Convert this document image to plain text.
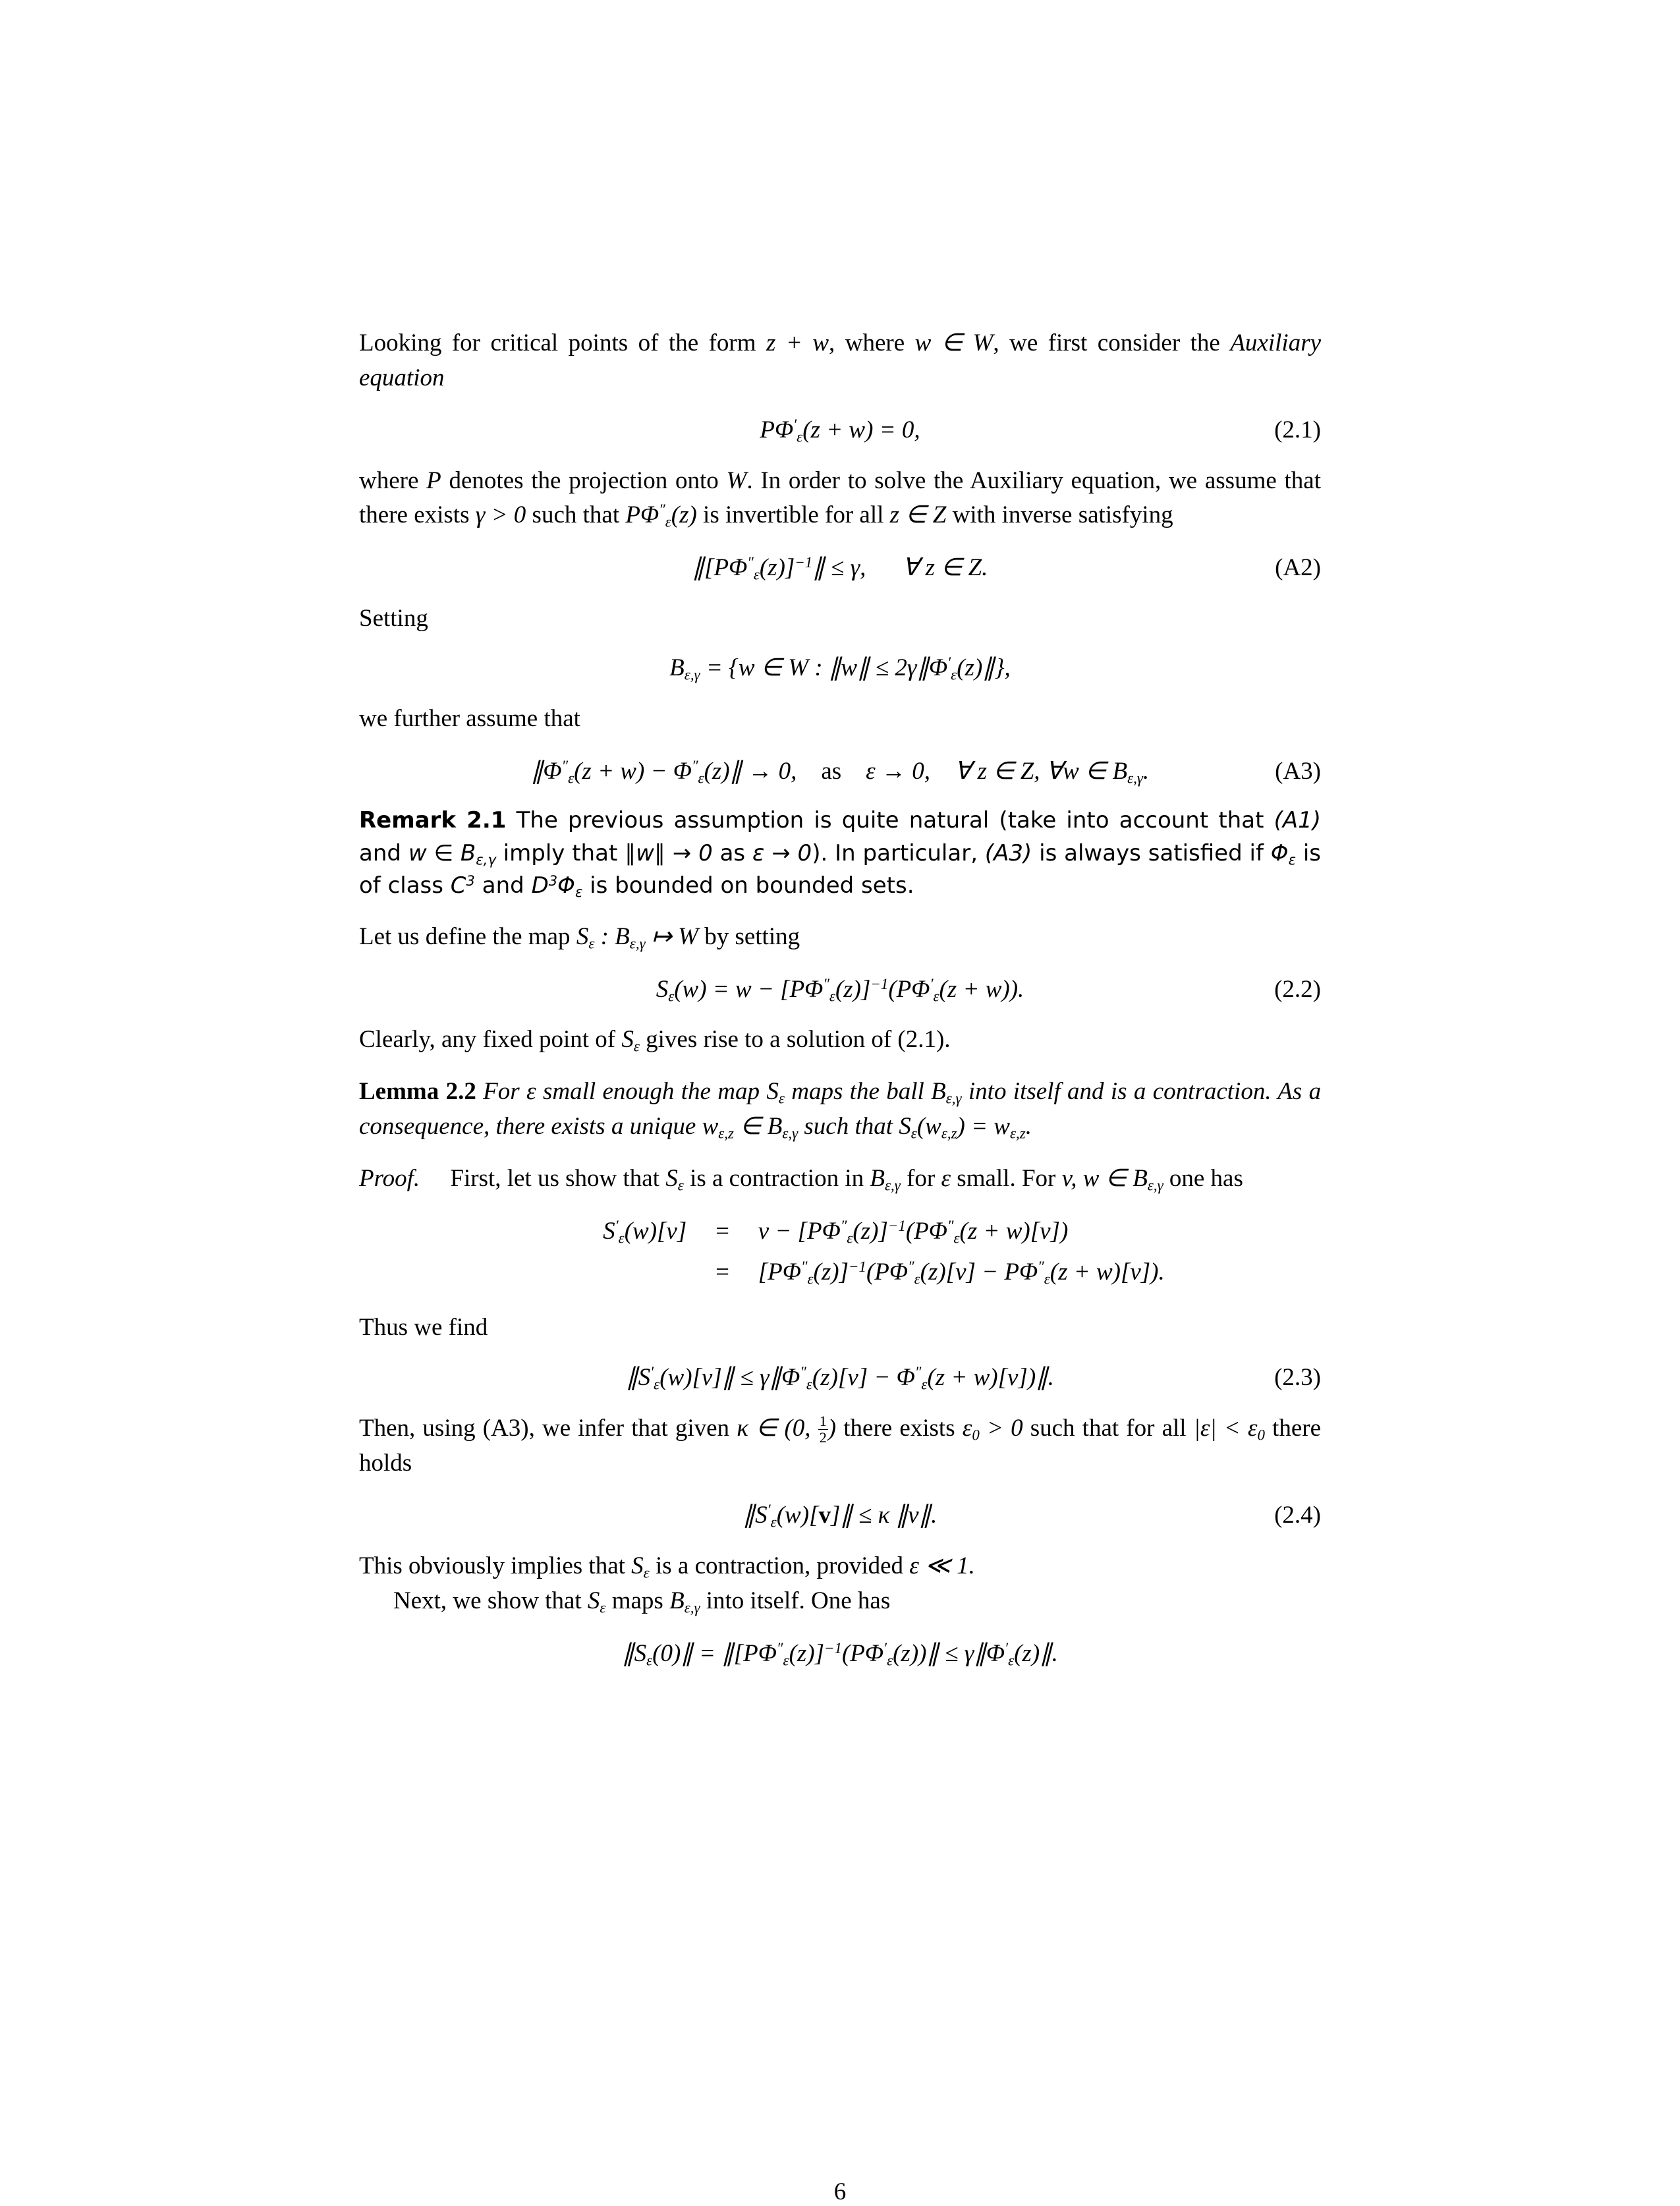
Looking for critical points of the form z + w, where w ∈ W, we first consider the Auxiliary equation
$P\Phi'_\varepsilon(z + w) = 0$,	(2.1)
where P denotes the projection onto W. In order to solve the Auxiliary equation, we assume that there exists γ > 0 such that $P\Phi''_\varepsilon(z)$ is invertible for all z ∈ Z with inverse satisfying
$\parallel[P\Phi''_\varepsilon(z)]^{-1}\parallel \le \gamma$,      ∀ z ∈ Z.	(A2)
Setting
$B_{\varepsilon,\gamma} = \{w$ ∈ W : ∥w∥ ≤ $2\gamma\parallel\Phi'_\varepsilon(z)\parallel$},
we further assume that
$\parallel\Phi''_\varepsilon(z + w)$ − $\Phi''_\varepsilon(z)\parallel \to 0$,    as    ε → 0,    ∀ z ∈ Z, ∀w ∈ $B_{\varepsilon,\gamma}$.	(A3)
Remark 2.1 The previous assumption is quite natural (take into account that (A1) and w ∈ $B_{\varepsilon,\gamma}$ imply that ∥w∥ → 0 as ε → 0). In particular, (A3) is always satisfied if $\Phi_\varepsilon$ is of class $C^3$ and $D^3\Phi_\varepsilon$ is bounded on bounded sets.
Let us define the map $S_\varepsilon$ : $B_{\varepsilon,\gamma}$ ↦ W by setting
$S_\varepsilon(w) = w - [P\Phi''_\varepsilon(z)]^{-1}(P\Phi'_\varepsilon(z + w))$.	(2.2)
Clearly, any fixed point of $S_\varepsilon$ gives rise to a solution of (2.1).
Lemma 2.2 For ε small enough the map $S_\varepsilon$ maps the ball $B_{\varepsilon,\gamma}$ into itself and is a contraction. As a consequence, there exists a unique $w_{\varepsilon,z}$ ∈ $B_{\varepsilon,\gamma}$ such that $S_\varepsilon(w_{\varepsilon,z}) = w_{\varepsilon,z}$.
Proof. First, let us show that $S_\varepsilon$ is a contraction in $B_{\varepsilon,\gamma}$ for ε small. For v, w ∈ $B_{\varepsilon,\gamma}$ one has
$S'_\varepsilon(w)[v] = v - [P\Phi''_\varepsilon(z)]^{-1}(P\Phi''_\varepsilon(z + w)[v])$
= $[P\Phi''_\varepsilon(z)]^{-1}(P\Phi''_\varepsilon(z)[v] - P\Phi''_\varepsilon(z + w)[v])$.
Thus we find
$\parallel S'_\varepsilon(w)[v]\parallel$ ≤ $\gamma\parallel\Phi''_\varepsilon(z)[v] - \Phi''_\varepsilon(z$ + w)[v])∥.	(2.3)
Then, using (A3), we infer that given κ ∈ (0, $\frac{1}{2}$ ) there exists $\varepsilon_0 > 0$ such that for all $|\varepsilon| < \varepsilon_0$ there holds
$\parallel S'_\varepsilon(w)[v]\parallel \le \kappa$ ∥v∥.	(2.4)
This obviously implies that $S_\varepsilon$ is a contraction, provided ε ≪ 1.
Next, we show that $S_\varepsilon$ maps $B_{\varepsilon,\gamma}$ into itself. One has
$\parallel S_\varepsilon(0)\parallel$ = $\parallel[P\Phi''_\varepsilon(z)]^{-1}(P\Phi'_\varepsilon(z))\parallel$ ≤ $\gamma\parallel\Phi'_\varepsilon(z)\parallel$.
6
